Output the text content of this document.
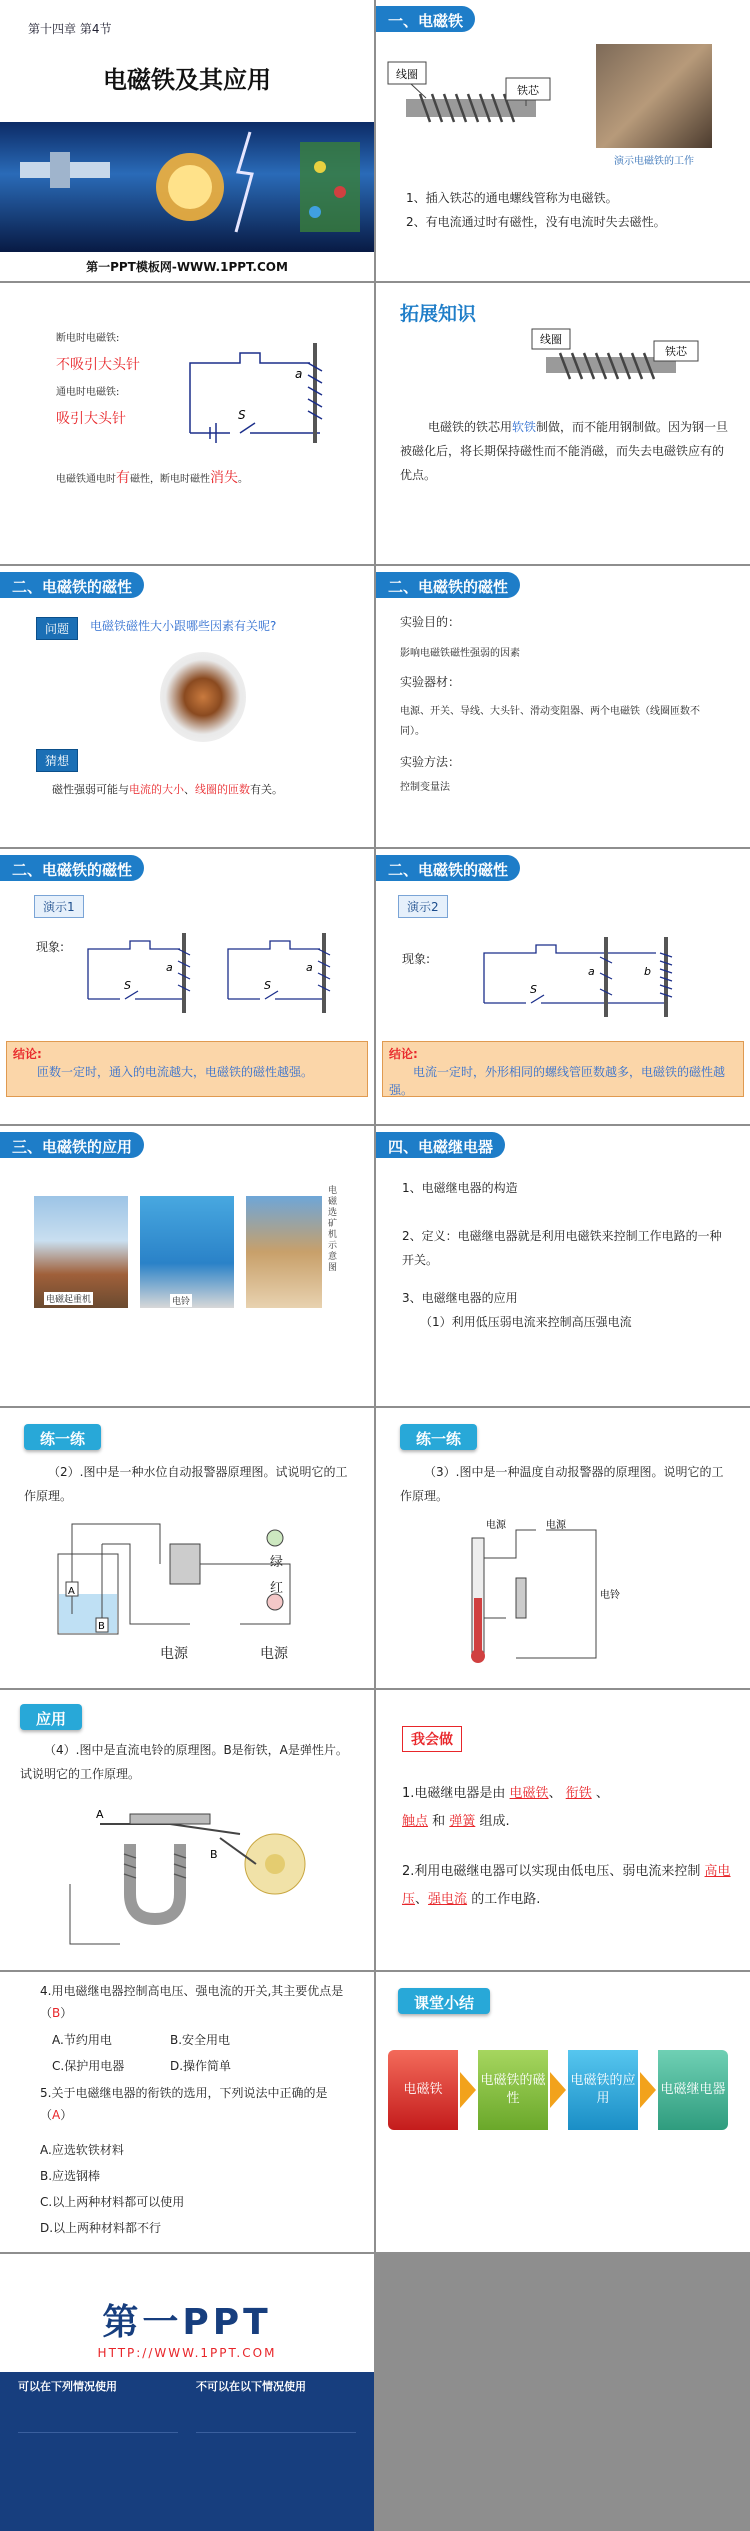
第十四章 第4节
电磁铁及其应用
第一PPT模板网-WWW.1PPT.COM
一、电磁铁
线圈
铁芯
演示电磁铁的工作
1、插入铁芯的通电螺线管称为电磁铁。
2、有电流通过时有磁性，没有电流时失去磁性。
断电时电磁铁:
不吸引大头针
通电时电磁铁:
吸引大头针	S
a
电磁铁通电时有磁性，断电时磁性消失。
拓展知识
线圈
铁芯
电磁铁的铁芯用软铁制做，而不能用钢制做。因为钢一旦被磁化后，将长期保持磁性而不能消磁，而失去电磁铁应有的优点。
二、电磁铁的磁性
问题	电磁铁磁性大小跟哪些因素有关呢?
猜想
磁性强弱可能与电流的大小、线圈的匝数有关。
二、电磁铁的磁性
实验目的：
影响电磁铁磁性强弱的因素
实验器材：
电源、开关、导线、大头针、滑动变阻器、两个电磁铁（线圈匝数不同）。
实验方法：
控制变量法
二、电磁铁的磁性
演示1
现象:
S
a
S
a
结论:
匝数一定时，通入的电流越大，电磁铁的磁性越强。
二、电磁铁的磁性
演示2
现象:
S
a	b
结论:
电流一定时，外形相同的螺线管匝数越多，电磁铁的磁性越强。
三、电磁铁的应用
电磁起重机	电铃
电磁选矿机示意图
四、电磁继电器
1、电磁继电器的构造
2、定义：电磁继电器就是利用电磁铁来控制工作电路的一种开关。
3、电磁继电器的应用
（1）利用低压弱电流来控制高压强电流
练一练
（2）.图中是一种水位自动报警器原理图。试说明它的工作原理。
绿
红
电源	电源
A
B
练一练
（3）.图中是一种温度自动报警器的原理图。说明它的工作原理。
电源	电源
电铃
应用
（4）.图中是直流电铃的原理图。B是衔铁，A是弹性片。试说明它的工作原理。
A
B
我会做
1.电磁继电器是由 电磁铁、 衔铁 、
触点 和 弹簧 组成.
2.利用电磁继电器可以实现由低电压、弱电流来控制 高电压、强电流 的工作电路.
4.用电磁继电器控制高电压、强电流的开关,其主要优点是（B）
A.节约用电	B.安全用电
C.保护用电器	D.操作简单
5.关于电磁继电器的衔铁的选用，下列说法中正确的是（A）
A.应选软铁材料
B.应选钢棒
C.以上两种材料都可以使用
D.以上两种材料都不行
课堂小结
电磁铁
电磁铁的磁性
电磁铁的应用
电磁继电器
第一PPT
HTTP://WWW.1PPT.COM
可以在下列情况使用	不可以在以下情况使用
